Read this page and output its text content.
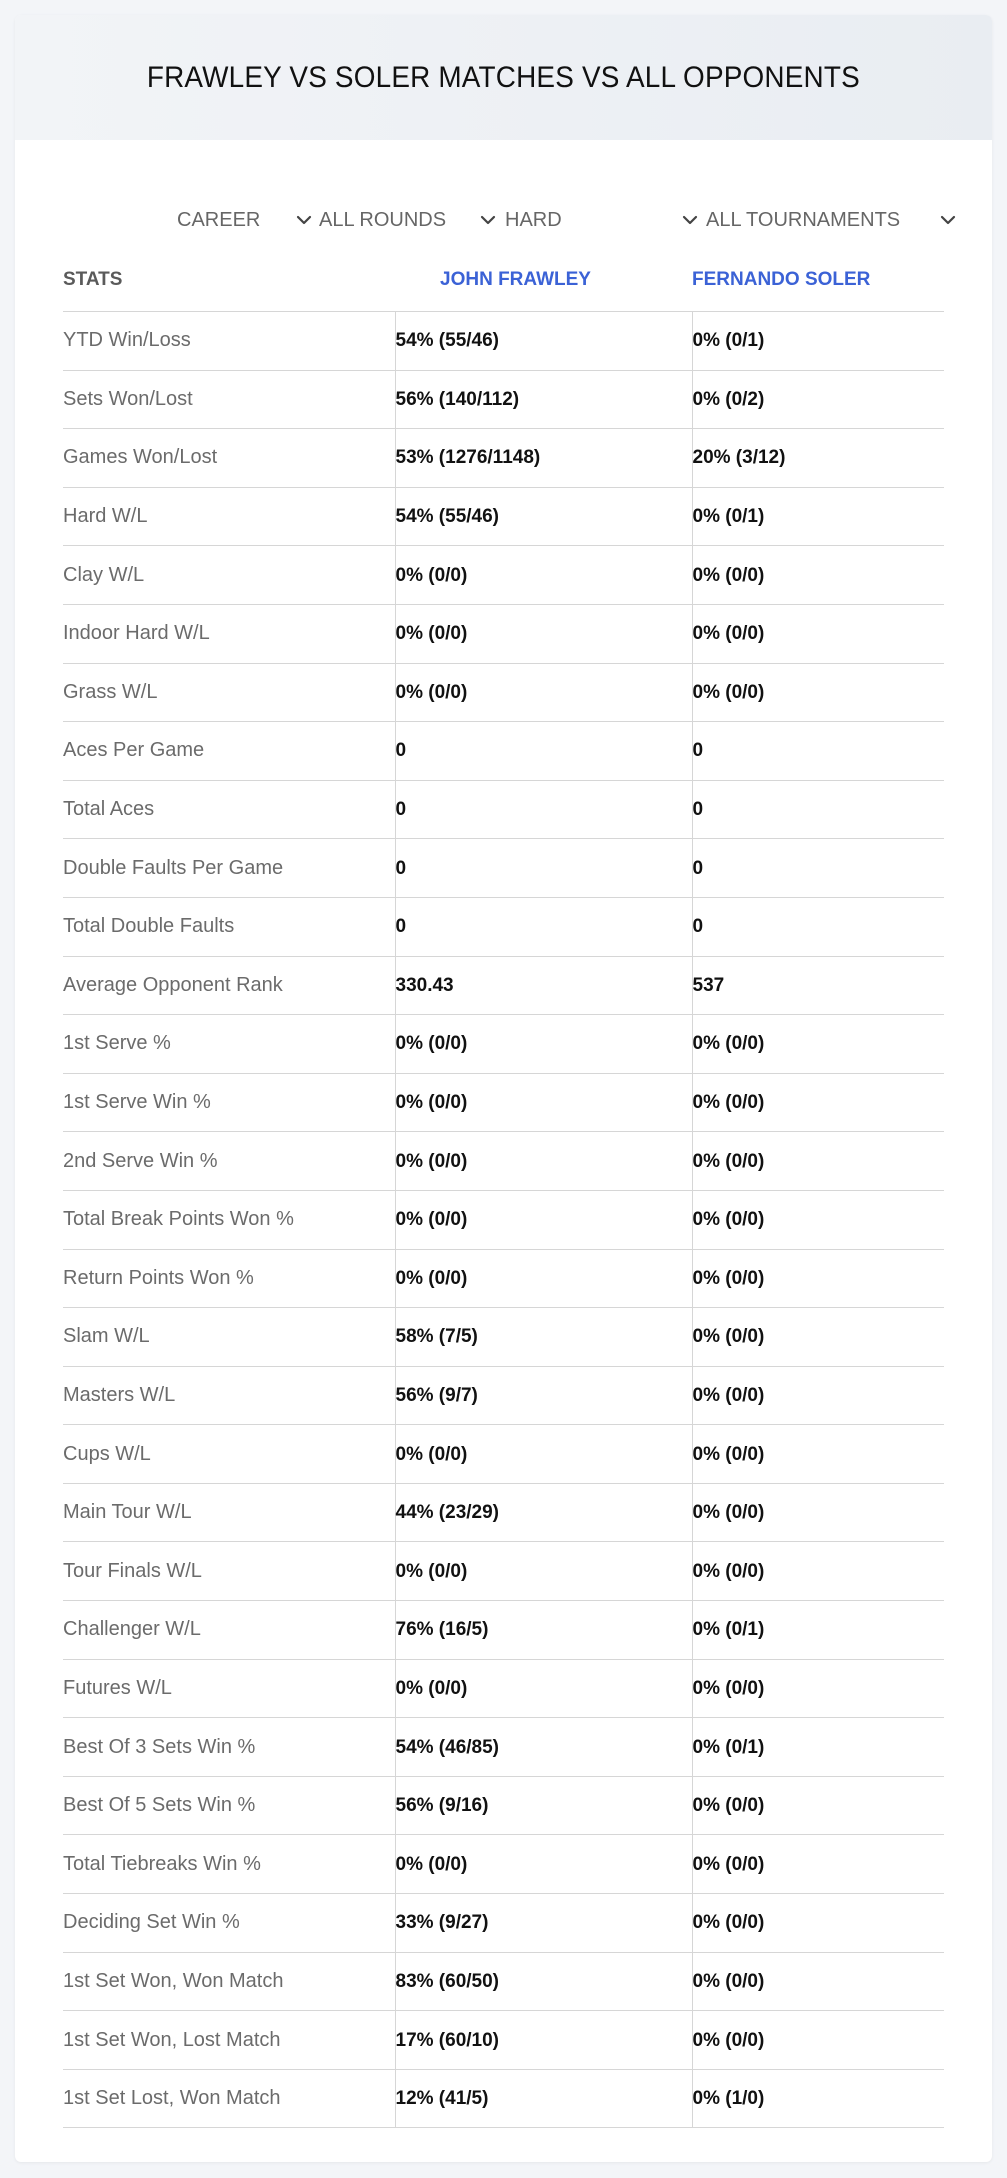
FRAWLEY VS SOLER MATCHES VS ALL OPPONENTS
CAREER	ALL ROUNDS	HARD	ALL TOURNAMENTS
STATS	JOHN FRAWLEY	FERNANDO SOLER
YTD Win/Loss	54% (55/46)	0% (0/1)
Sets Won/Lost	56% (140/112)	0% (0/2)
Games Won/Lost	53% (1276/1148)	20% (3/12)
Hard W/L	54% (55/46)	0% (0/1)
Clay W/L	0% (0/0)	0% (0/0)
Indoor Hard W/L	0% (0/0)	0% (0/0)
Grass W/L	0% (0/0)	0% (0/0)
Aces Per Game	0	0
Total Aces	0	0
Double Faults Per Game	0	0
Total Double Faults	0	0
Average Opponent Rank	330.43	537
1st Serve %	0% (0/0)	0% (0/0)
1st Serve Win %	0% (0/0)	0% (0/0)
2nd Serve Win %	0% (0/0)	0% (0/0)
Total Break Points Won %	0% (0/0)	0% (0/0)
Return Points Won %	0% (0/0)	0% (0/0)
Slam W/L	58% (7/5)	0% (0/0)
Masters W/L	56% (9/7)	0% (0/0)
Cups W/L	0% (0/0)	0% (0/0)
Main Tour W/L	44% (23/29)	0% (0/0)
Tour Finals W/L	0% (0/0)	0% (0/0)
Challenger W/L	76% (16/5)	0% (0/1)
Futures W/L	0% (0/0)	0% (0/0)
Best Of 3 Sets Win %	54% (46/85)	0% (0/1)
Best Of 5 Sets Win %	56% (9/16)	0% (0/0)
Total Tiebreaks Win %	0% (0/0)	0% (0/0)
Deciding Set Win %	33% (9/27)	0% (0/0)
1st Set Won, Won Match	83% (60/50)	0% (0/0)
1st Set Won, Lost Match	17% (60/10)	0% (0/0)
1st Set Lost, Won Match	12% (41/5)	0% (1/0)
